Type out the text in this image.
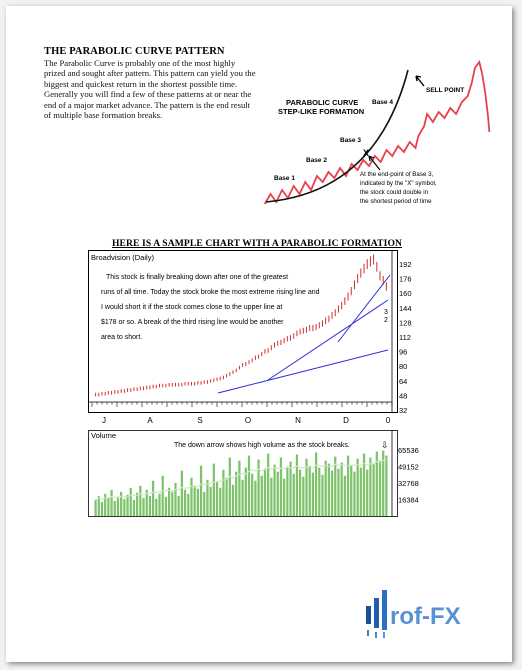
THE PARABOLIC CURVE PATTERN
The Parabolic Curve is probably one of the most highly prized and sought after pattern. This pattern can yield you the biggest and quickest return in the shortest possible time. Generally you will find a few of these patterns at or near the end of a major market advance. The pattern is the end result of multiple base formation breaks.
PARABOLIC CURVE
STEP-LIKE FORMATION
Base 1
Base 2
Base 3
Base 4
X
SELL POINT
At the end-point of Base 3,
indicated by the "X" symbol,
the stock could double in
the shortest period of time
HERE IS A SAMPLE CHART WITH A PARABOLIC FORMATION
Broadvision (Daily)
This stock is finally breaking down after one of the greatest
runs of all time. Today the stock broke the most extreme rising line and
I would short it if the stock comes close to the upper line at
$178 or so. A break of the third rising line would be another
area to short.
3
2
192
176
160
144
128
112
96
80
64
48
32
J	A	S	O	N	D	0
Volume
The down arrow shows high volume as the stock breaks.	⇩
65536
49152
32768
16384
rof-FX
